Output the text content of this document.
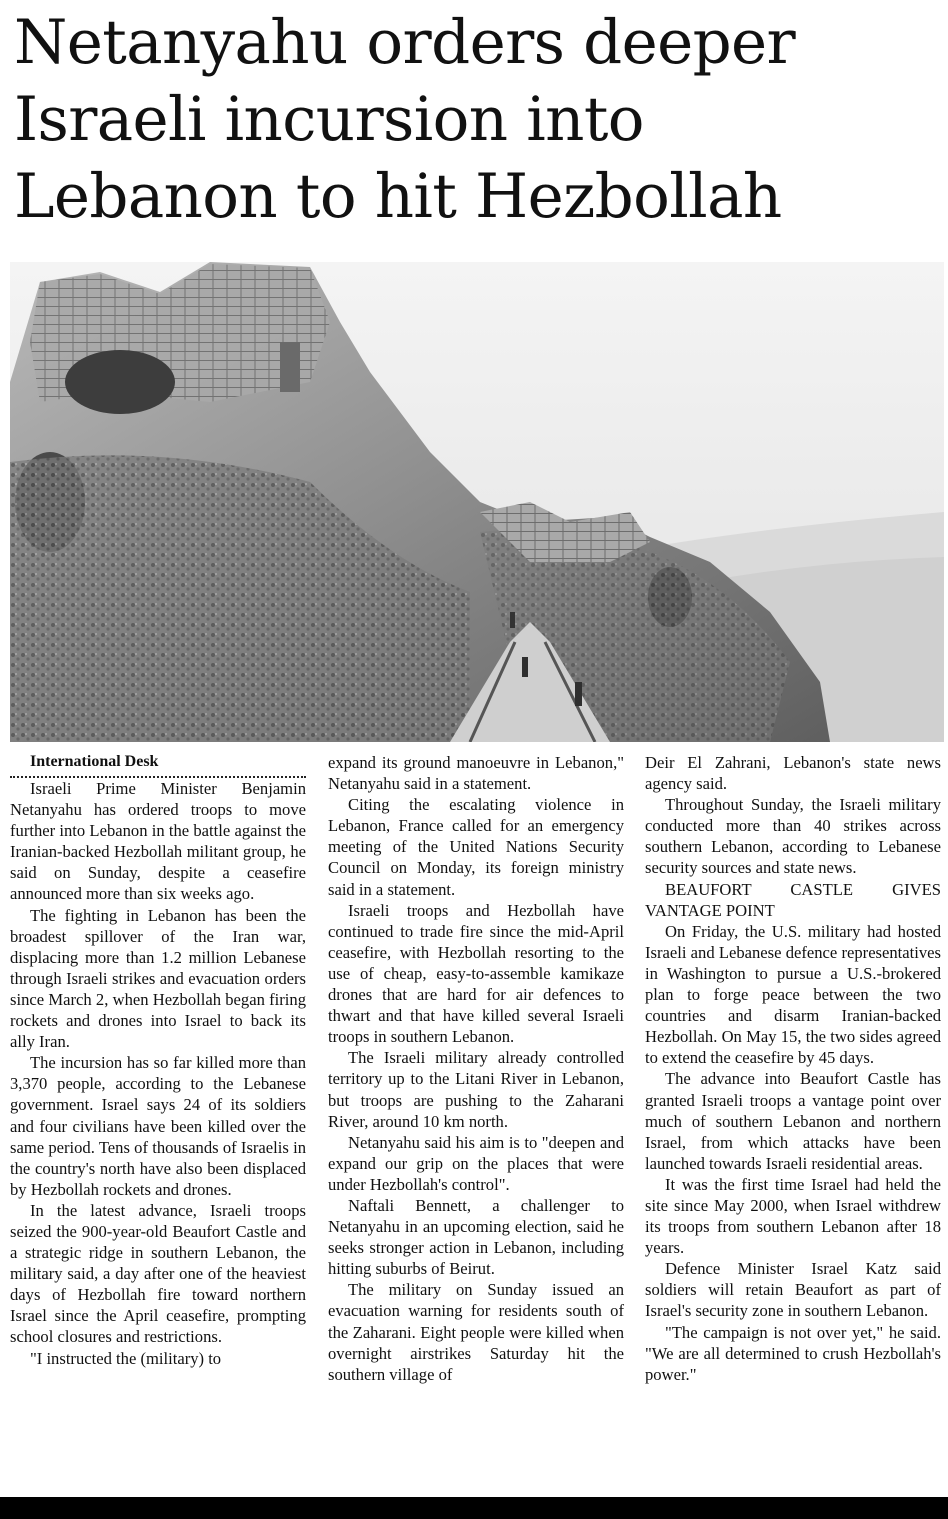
Netanyahu orders deeper
Israeli incursion into
Lebanon to hit Hezbollah

International Desk

Israeli Prime Minister Benjamin Netanyahu has ordered troops to move further into Lebanon in the battle against the Iranian-backed Hezbollah militant group, he said on Sunday, despite a ceasefire announced more than six weeks ago.

The fighting in Lebanon has been the broadest spillover of the Iran war, displacing more than 1.2 million Lebanese through Israeli strikes and evacuation orders since March 2, when Hezbollah began firing rockets and drones into Israel to back its ally Iran.

The incursion has so far killed more than 3,370 people, according to the Lebanese government. Israel says 24 of its soldiers and four civilians have been killed over the same period. Tens of thousands of Israelis in the country's north have also been displaced by Hezbollah rockets and drones.

In the latest advance, Israeli troops seized the 900-year-old Beaufort Castle and a strategic ridge in southern Lebanon, the military said, a day after one of the heaviest days of Hezbollah fire toward northern Israel since the April ceasefire, prompting school closures and restrictions.

"I instructed the (military) to

expand its ground manoeuvre in Lebanon," Netanyahu said in a statement.

Citing the escalating violence in Lebanon, France called for an emergency meeting of the United Nations Security Council on Monday, its foreign ministry said in a statement.

Israeli troops and Hezbollah have continued to trade fire since the mid-April ceasefire, with Hezbollah resorting to the use of cheap, easy-to-assemble kamikaze drones that are hard for air defences to thwart and that have killed several Israeli troops in southern Lebanon.

The Israeli military already controlled territory up to the Litani River in Lebanon, but troops are pushing to the Zaharani River, around 10 km north.

Netanyahu said his aim is to "deepen and expand our grip on the places that were under Hezbollah's control".

Naftali Bennett, a challenger to Netanyahu in an upcoming election, said he seeks stronger action in Lebanon, including hitting suburbs of Beirut.

The military on Sunday issued an evacuation warning for residents south of the Zaharani. Eight people were killed when overnight airstrikes Saturday hit the southern village of

Deir El Zahrani, Lebanon's state news agency said.

Throughout Sunday, the Israeli military conducted more than 40 strikes across southern Lebanon, according to Lebanese security sources and state news.

BEAUFORT CASTLE GIVES VANTAGE POINT

On Friday, the U.S. military had hosted Israeli and Lebanese defence representatives in Washington to pursue a U.S.-brokered plan to forge peace between the two countries and disarm Iranian-backed Hezbollah. On May 15, the two sides agreed to extend the ceasefire by 45 days.

The advance into Beaufort Castle has granted Israeli troops a vantage point over much of southern Lebanon and northern Israel, from which attacks have been launched towards Israeli residential areas.

It was the first time Israel had held the site since May 2000, when Israel withdrew its troops from southern Lebanon after 18 years.

Defence Minister Israel Katz said soldiers will retain Beaufort as part of Israel's security zone in southern Lebanon.

"The campaign is not over yet," he said. "We are all determined to crush Hezbollah's power."
